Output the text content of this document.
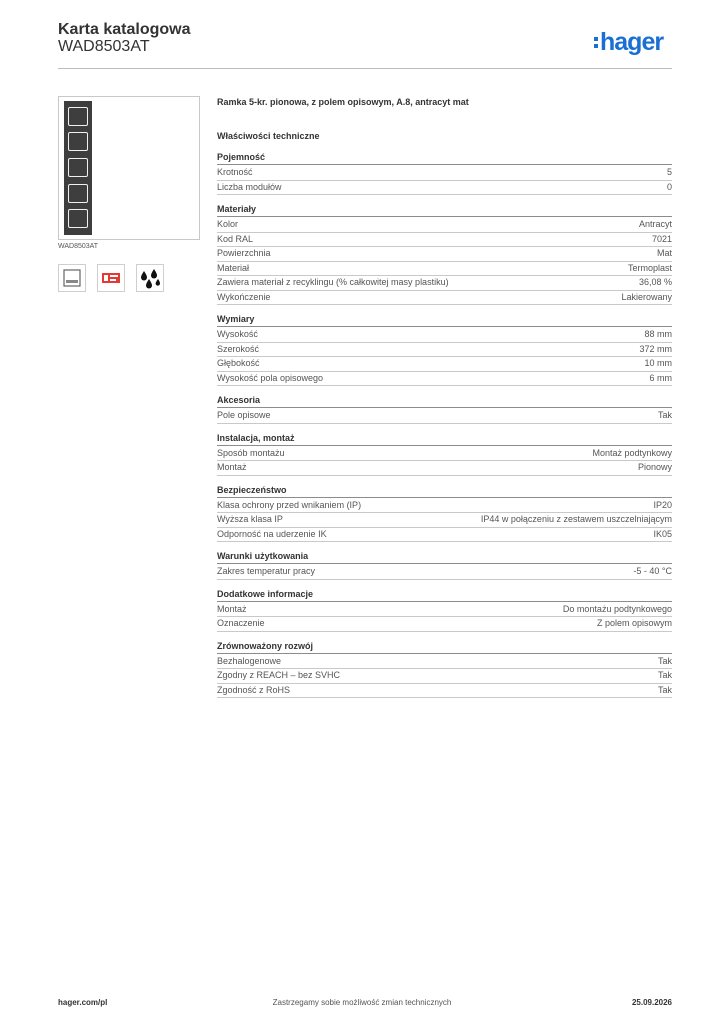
Karta katalogowa
WAD8503AT	hager
WAD8503AT
Ramka 5-kr. pionowa, z polem opisowym, A.8, antracyt mat
Właściwości techniczne
Pojemność
Krotność	5
Liczba modułów	0
Materiały
Kolor	Antracyt
Kod RAL	7021
Powierzchnia	Mat
Materiał	Termoplast
Zawiera materiał z recyklingu (% całkowitej masy plastiku)	36,08 %
Wykończenie	Lakierowany
Wymiary
Wysokość	88 mm
Szerokość	372 mm
Głębokość	10 mm
Wysokość pola opisowego	6 mm
Akcesoria
Pole opisowe	Tak
Instalacja, montaż
Sposób montażu	Montaż podtynkowy
Montaż	Pionowy
Bezpieczeństwo
Klasa ochrony przed wnikaniem (IP)	IP20
Wyższa klasa IP	IP44 w połączeniu z zestawem uszczelniającym
Odporność na uderzenie IK	IK05
Warunki użytkowania
Zakres temperatur pracy	-5 - 40 °C
Dodatkowe informacje
Montaż	Do montażu podtynkowego
Oznaczenie	Z polem opisowym
Zrównoważony rozwój
Bezhalogenowe	Tak
Zgodny z REACH – bez SVHC	Tak
Zgodność z RoHS	Tak
hager.com/pl	Zastrzegamy sobie możliwość zmian technicznych	25.09.2026
